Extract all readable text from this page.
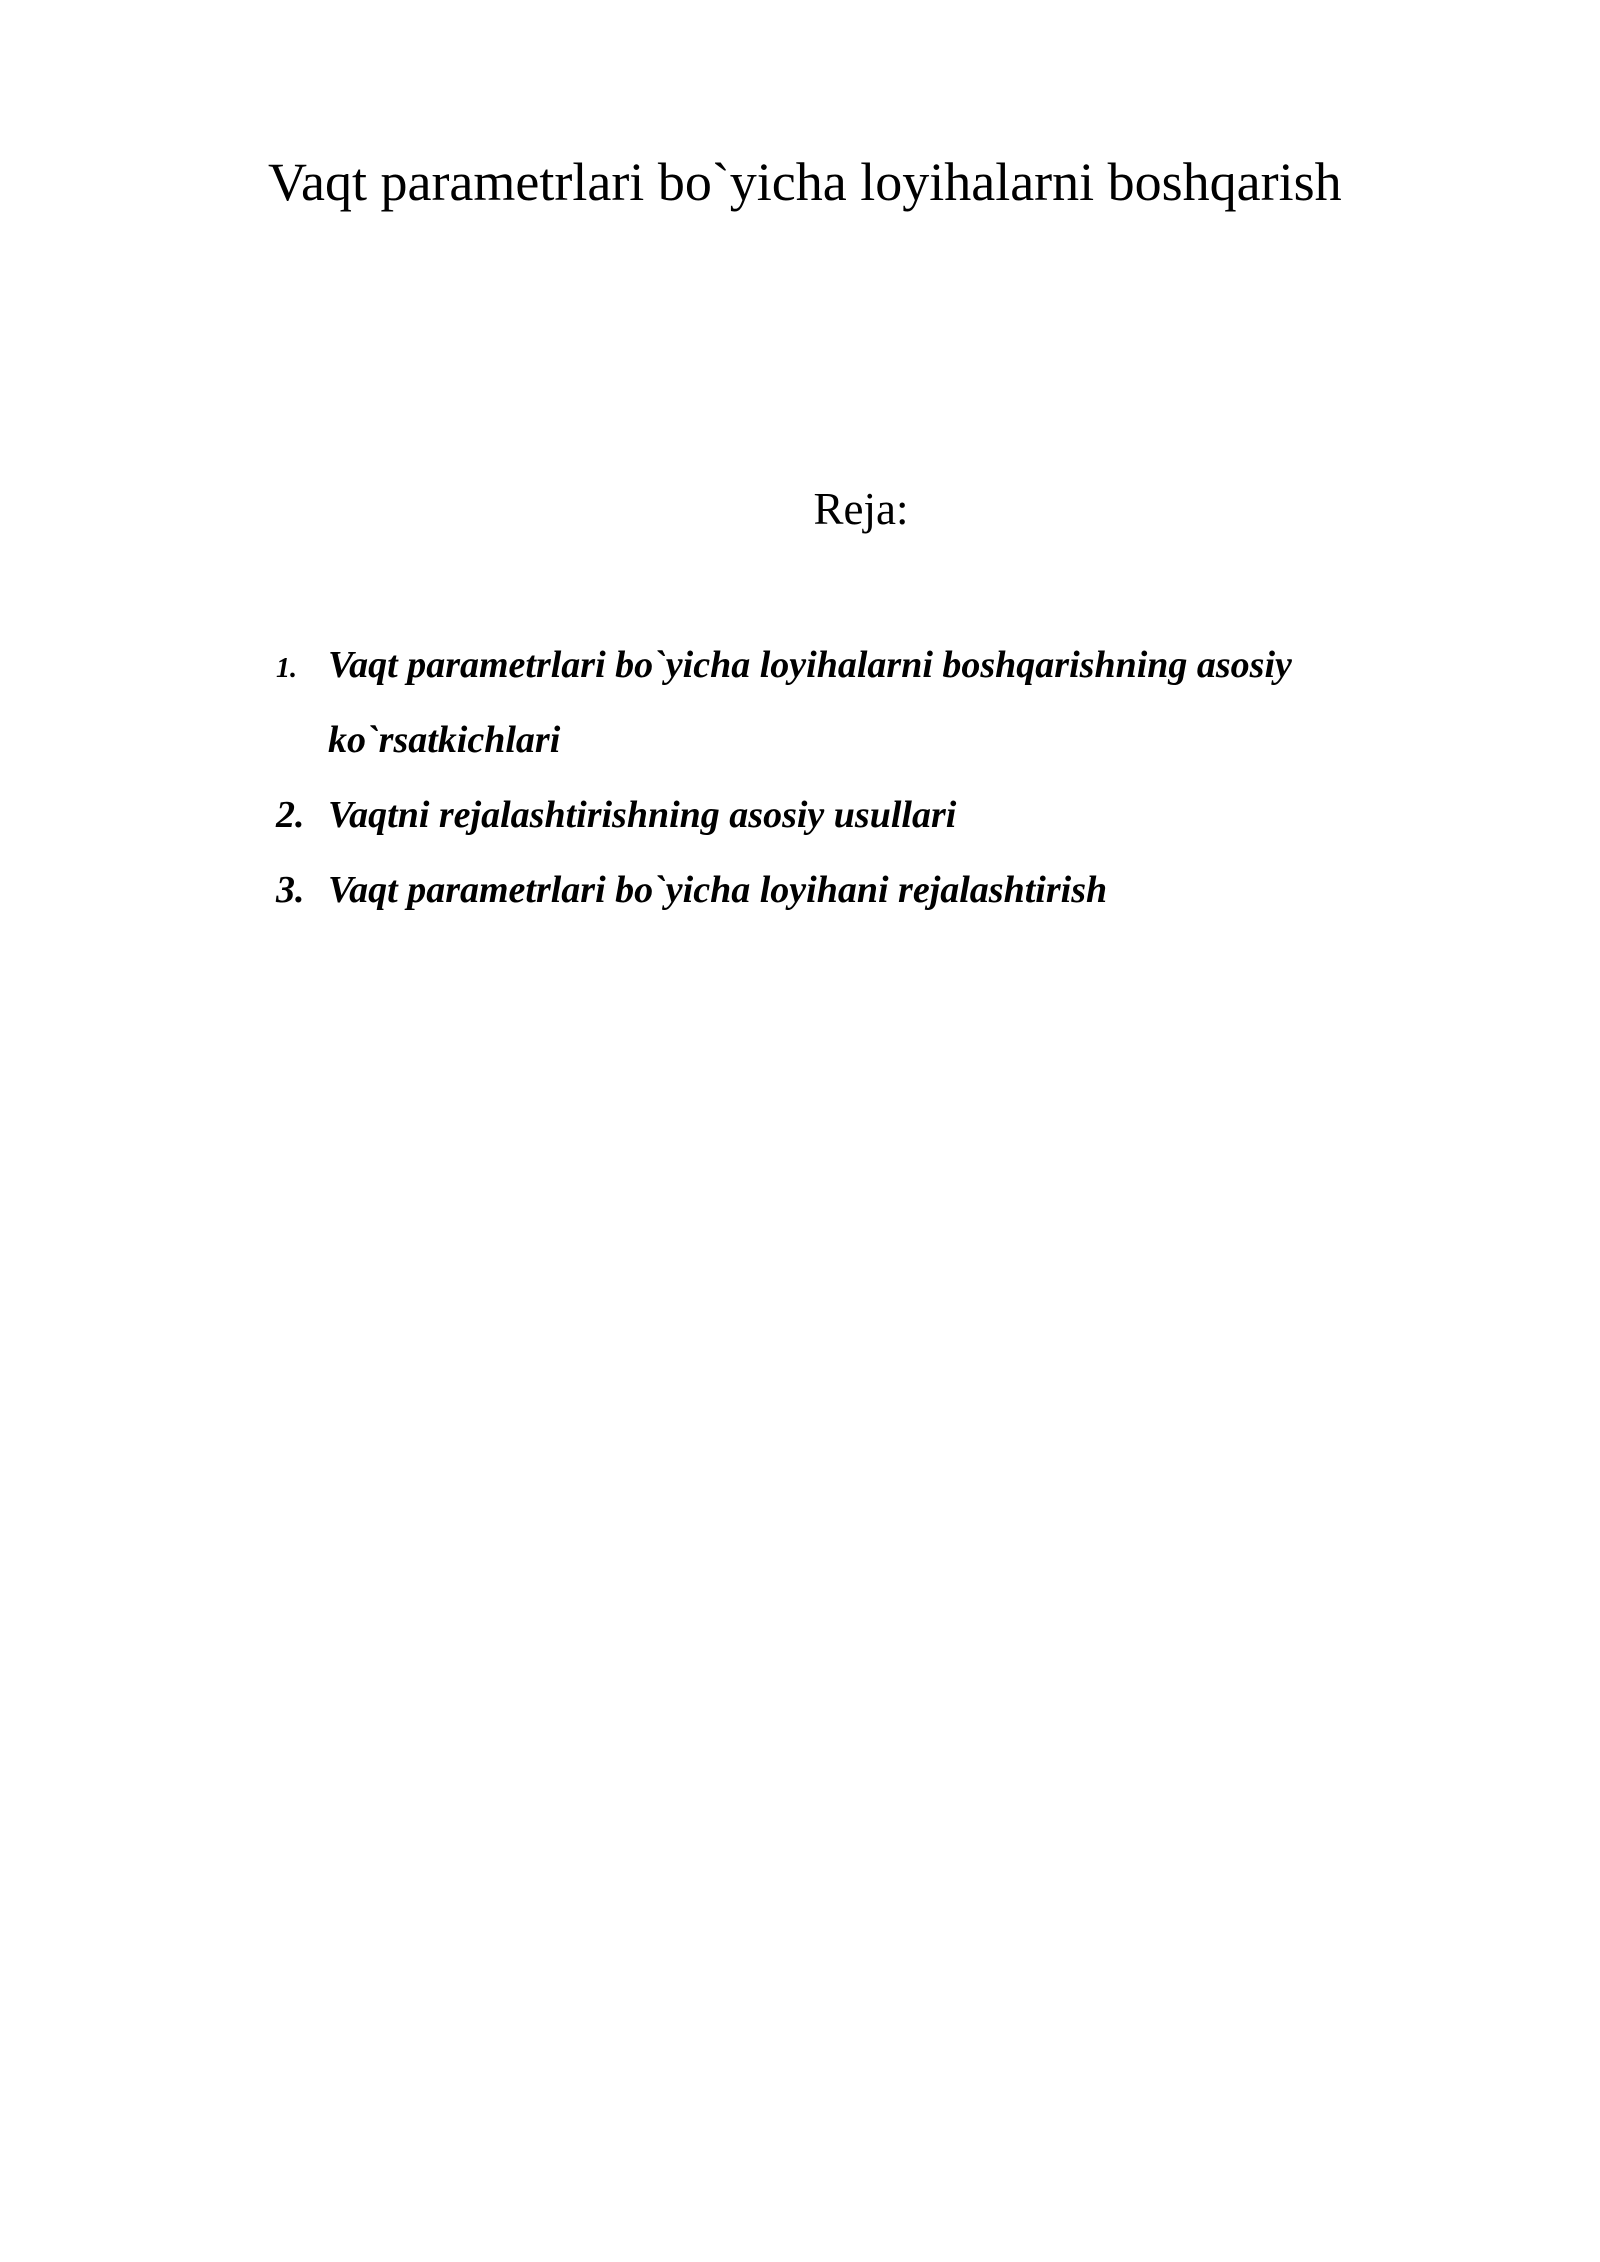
Vaqt parametrlari bo`yicha loyihalarni boshqarish
Reja:
1. Vaqt parametrlari bo`yicha loyihalarni boshqarishning asosiy ko`rsatkichlari
2. Vaqtni rejalashtirishning asosiy usullari
3. Vaqt parametrlari bo`yicha loyihani rejalashtirish
